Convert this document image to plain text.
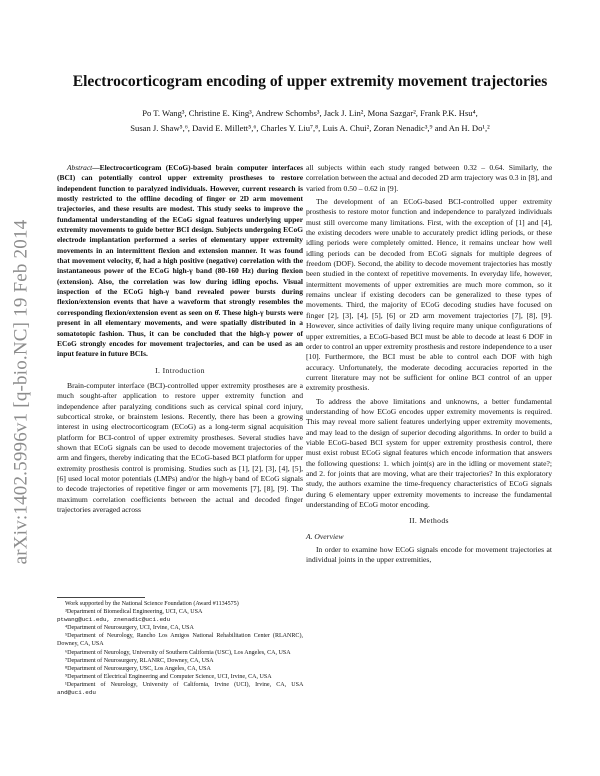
arXiv:1402.5996v1 [q-bio.NC] 19 Feb 2014
Electrocorticogram encoding of upper extremity movement trajectories
Po T. Wang³, Christine E. King³, Andrew Schombs³, Jack J. Lin², Mona Sazgar², Frank P.K. Hsu⁴,
Susan J. Shaw⁵,⁶, David E. Millett⁵,⁶, Charles Y. Liu⁷,⁸, Luis A. Chui², Zoran Nenadic³,⁹ and An H. Do¹,²

Abstract—Electrocorticogram (ECoG)-based brain computer interfaces (BCI) can potentially control upper extremity prostheses to restore independent function to paralyzed individuals. However, current research is mostly restricted to the offline decoding of finger or 2D arm movement trajectories, and these results are modest. This study seeks to improve the fundamental understanding of the ECoG signal features underlying upper extremity movements to guide better BCI design. Subjects undergoing ECoG electrode implantation performed a series of elementary upper extremity movements in an intermittent flexion and extension manner. It was found that movement velocity, θ̇, had a high positive (negative) correlation with the instantaneous power of the ECoG high-γ band (80-160 Hz) during flexion (extension). Also, the correlation was low during idling epochs. Visual inspection of the ECoG high-γ band revealed power bursts during flexion/extension events that have a waveform that strongly resembles the corresponding flexion/extension event as seen on θ̇. These high-γ bursts were present in all elementary movements, and were spatially distributed in a somatotopic fashion. Thus, it can be concluded that the high-γ power of ECoG strongly encodes for movement trajectories, and can be used as an input feature in future BCIs.

I. Introduction

Brain-computer interface (BCI)-controlled upper extremity prostheses are a much sought-after application to restore upper extremity function and independence after paralyzing conditions such as cervical spinal cord injury, subcortical stroke, or brainstem lesions. Recently, there has been a growing interest in using electrocorticogram (ECoG) as a long-term signal acquisition platform for BCI-control of upper extremity prostheses. Several studies have shown that ECoG signals can be used to decode movement trajectories of the arm and fingers, thereby indicating that the ECoG-based BCI platform for upper extremity prosthesis control is promising. Studies such as [1], [2], [3], [4], [5], [6] used local motor potentials (LMPs) and/or the high-γ band of ECoG signals to decode trajectories of repetitive finger or arm movements [7], [8], [9]. The maximum correlation coefficients between the actual and decoded finger trajectories averaged across

Work supported by the National Science Foundation (Award #1134575)

³Department of Biomedical Engineering, UCI, CA, USA

ptwang@uci.edu, znenadic@uci.edu

⁴Department of Neurosurgery, UCI, Irvine, CA, USA

⁵Department of Neurology, Rancho Los Amigos National Rehabilitation Center (RLANRC), Downey, CA, USA

⁶Department of Neurology, University of Southern California (USC), Los Angeles, CA, USA

⁷Department of Neurosurgery, RLANRC, Downey, CA, USA

⁸Department of Neurosurgery, USC, Los Angeles, CA, USA

⁹Department of Electrical Engineering and Computer Science, UCI, Irvine, CA, USA

¹Department of Neurology, University of California, Irvine (UCI), Irvine, CA, USA and@uci.edu

all subjects within each study ranged between 0.32 – 0.64. Similarly, the correlation between the actual and decoded 2D arm trajectory was 0.3 in [8], and varied from 0.50 – 0.62 in [9].

The development of an ECoG-based BCI-controlled upper extremity prosthesis to restore motor function and independence to paralyzed individuals must still overcome many limitations. First, with the exception of [1] and [4], the existing decoders were unable to accurately predict idling periods, or these idling periods were completely omitted. Hence, it remains unclear how well idling periods can be decoded from ECoG signals for multiple degrees of freedom (DOF). Second, the ability to decode movement trajectories has mostly been studied in the context of repetitive movements. In everyday life, however, intermittent movements of upper extremities are much more common, so it remains unclear if existing decoders can be generalized to these types of movements. Third, the majority of ECoG decoding studies have focused on finger [2], [3], [4], [5], [6] or 2D arm movement trajectories [7], [8], [9]. However, since activities of daily living require many unique configurations of upper extremities, a ECoG-based BCI must be able to decode at least 6 DOF in order to control an upper extremity prosthesis and restore independence to a user [10]. Furthermore, the BCI must be able to control each DOF with high accuracy. Unfortunately, the moderate decoding accuracies reported in the current literature may not be sufficient for online BCI control of an upper extremity prosthesis.

To address the above limitations and unknowns, a better fundamental understanding of how ECoG encodes upper extremity movements is required. This may reveal more salient features underlying upper extremity movements, and may lead to the design of superior decoding algorithms. In order to build a viable ECoG-based BCI system for upper extremity prosthesis control, there must exist robust ECoG signal features which encode information that answers the following questions: 1. which joint(s) are in the idling or movement state?; and 2. for joints that are moving, what are their trajectories? In this exploratory study, the authors examine the time-frequency characteristics of ECoG signals during 6 elementary upper extremity movements to increase the fundamental understanding of ECoG motor encoding.

II. Methods
A. Overview

In order to examine how ECoG signals encode for movement trajectories at individual joints in the upper extremities,
